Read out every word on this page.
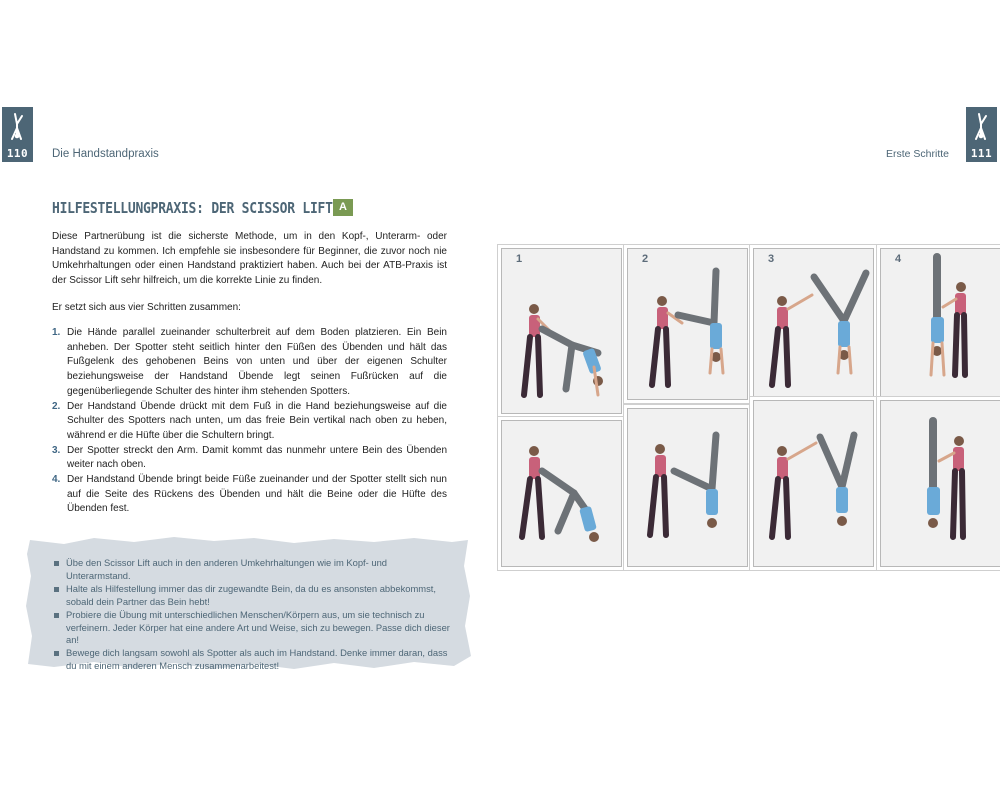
110	Die Handstandpraxis	111
Erste Schritte
HILFESTELLUNGPRAXIS: DER SCISSOR LIFT A
Diese Partnerübung ist die sicherste Methode, um in den Kopf-, Unterarm- oder Handstand zu kommen. Ich empfehle sie insbesondere für Beginner, die zuvor noch nie Umkehrhaltungen oder einen Handstand praktiziert haben. Auch bei der ATB-Praxis ist der Scissor Lift sehr hilfreich, um die korrekte Linie zu finden.
Er setzt sich aus vier Schritten zusammen:
1. Die Hände parallel zueinander schulterbreit auf dem Boden platzieren. Ein Bein anheben. Der Spotter steht seitlich hinter den Füßen des Übenden und hält das Fußgelenk des gehobenen Beins von unten und über der eigenen Schulter beziehungsweise der Handstand Übende legt seinen Fußrücken auf die gegenüberliegende Schulter des hinter ihm stehenden Spotters.
2. Der Handstand Übende drückt mit dem Fuß in die Hand beziehungsweise auf die Schulter des Spotters nach unten, um das freie Bein vertikal nach oben zu heben, während er die Hüfte über die Schultern bringt.
3. Der Spotter streckt den Arm. Damit kommt das nunmehr untere Bein des Übenden weiter nach oben.
4. Der Handstand Übende bringt beide Füße zueinander und der Spotter stellt sich nun auf die Seite des Rückens des Übenden und hält die Beine oder die Hüfte des Übenden fest.
Übe den Scissor Lift auch in den anderen Umkehrhaltungen wie im Kopf- und Unterarmstand.
Halte als Hilfestellung immer das dir zugewandte Bein, da du es ansonsten abbekommst, sobald dein Partner das Bein hebt!
Probiere die Übung mit unterschiedlichen Menschen/Körpern aus, um sie technisch zu verfeinern. Jeder Körper hat eine andere Art und Weise, sich zu bewegen. Passe dich dieser an!
Bewege dich langsam sowohl als Spotter als auch im Handstand. Denke immer daran, dass du mit einem anderen Mensch zusammenarbeitest!
1	2	3	4
